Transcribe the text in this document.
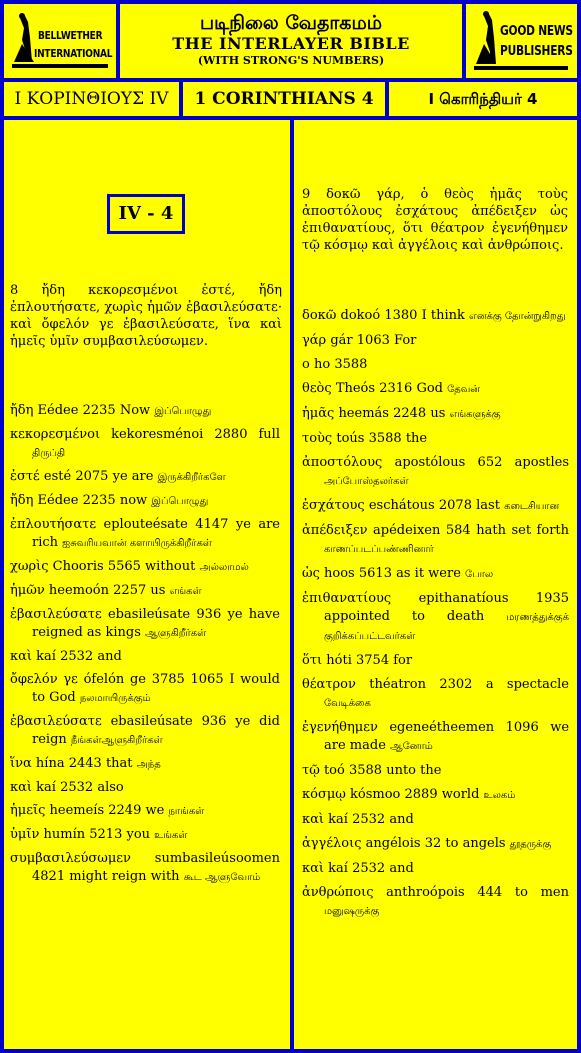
BELLWETHER
INTERNATIONAL
படிநிலை வேதாகமம்
THE INTERLAYER BIBLE
(WITH STRONG'S NUMBERS)
GOOD NEWS
PUBLISHERS
Ι ΚΟΡΙΝΘΙΟΥΣ IV	1 CORINTHIANS 4	I கொரிந்தியர் 4
IV - 4
8 ἤδη κεκορεσμένοι ἐστέ, ἤδη ἐπλουτήσατε, χωρὶς ἡμῶν ἐβασιλεύσατε· καὶ ὄφελόν γε ἐβασιλεύσατε, ἵνα καὶ ἡμεῖς ὑμῖν συμβασιλεύσωμεν.
ἤδη Eédee 2235 Now இப்பொழுது
κεκορεσμένοι kekoresménoi 2880 full திருப்தி
ἐστέ esté 2075 ye are இருக்கிறீர்களே
ἤδη Eédee 2235 now இப்பொழுது
ἐπλουτήσατε eplouteésate 4147 ye are rich ஐசுவரியவான் களாயிருக்கிறீர்கள்
χωρὶς Chooris 5565 without அல்லாமல்
ἡμῶν heemoón 2257 us எங்கள்
ἐβασιλεύσατε ebasileúsate 936 ye have reigned as kings ஆளுகிறீர்கள்
καὶ kaí 2532 and
ὄφελόν γε ófelón ge 3785 1065 I would to God நலமாயிருக்கும்
ἐβασιλεύσατε ebasileúsate 936 ye did reign நீங்கள்ஆளுகிறீர்கள்
ἵνα hína 2443 that அந்த
καὶ kaí 2532 also
ἡμεῖς heemeís 2249 we நாங்கள்
ὑμῖν humín 5213 you உங்கள்
συμβασιλεύσωμεν sumbasileúsoomen 4821 might reign with கூட ஆளுவோம்
9 δοκῶ γάρ, ὁ θεὸς ἡμᾶς τοὺς ἀποστόλους ἐσχάτους ἀπέδειξεν ὡς ἐπιθανατίους, ὅτι θέατρον ἐγενήθημεν τῷ κόσμῳ καὶ ἀγγέλοις καὶ ἀνθρώποις.
δοκῶ dokoó 1380 I think எனக்கு தோன்றுகிறது
γάρ gár 1063 For
ο ho 3588
θεὸς Theós 2316 God தேவன்
ἡμᾶς heemás 2248 us எங்களுக்கு
τοὺς toús 3588 the
ἀποστόλους apostólous 652 apostles அப்போஸ்தலர்கள்
ἐσχάτους eschátous 2078 last கடைசியான
ἀπέδειξεν apédeixen 584 hath set forth காணப்படப்பண்ணினார்
ὡς hoos 5613 as it were போல
ἐπιθανατίους epithanatíous 1935 appointed to death மரணத்துக்குக் குறிக்கப்பட்டவர்கள்
ὅτι hóti 3754 for
θέατρον théatron 2302 a spectacle வேடிக்கை
ἐγενήθημεν egeneétheemen 1096 we are made ஆனோம்
τῷ toó 3588 unto the
κόσμῳ kósmoo 2889 world உலகம்
καὶ kaí 2532 and
ἀγγέλοις angélois 32 to angels தூதருக்கு
καὶ kaí 2532 and
ἀνθρώποις anthroópois 444 to men மனுஷருக்கு
